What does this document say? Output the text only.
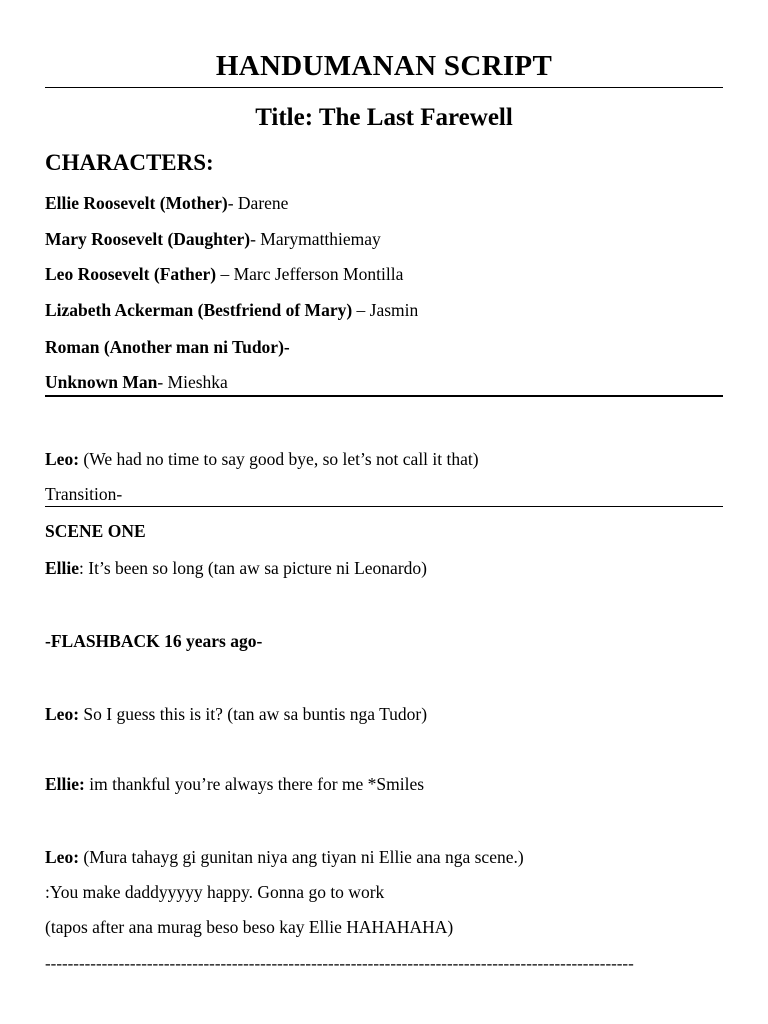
HANDUMANAN SCRIPT
Title: The Last Farewell
CHARACTERS:
Ellie Roosevelt (Mother)- Darene
Mary Roosevelt (Daughter)- Marymatthiemay
Leo Roosevelt (Father) – Marc Jefferson Montilla
Lizabeth Ackerman (Bestfriend of Mary) – Jasmin
Roman (Another man ni Tudor)-
Unknown Man- Mieshka
Leo: (We had no time to say good bye, so let’s not call it that)
Transition-
SCENE ONE
Ellie: It’s been so long (tan aw sa picture ni Leonardo)
-FLASHBACK 16 years ago-
Leo: So I guess this is it? (tan aw sa buntis nga Tudor)
Ellie: im thankful you’re always there for me *Smiles
Leo: (Mura tahayg gi gunitan niya ang tiyan ni Ellie ana nga scene.)
:You make daddyyyyy happy. Gonna go to work
(tapos after ana murag beso beso kay Ellie HAHAHAHA)
--------------------------------------------------------------------------------------------------------
